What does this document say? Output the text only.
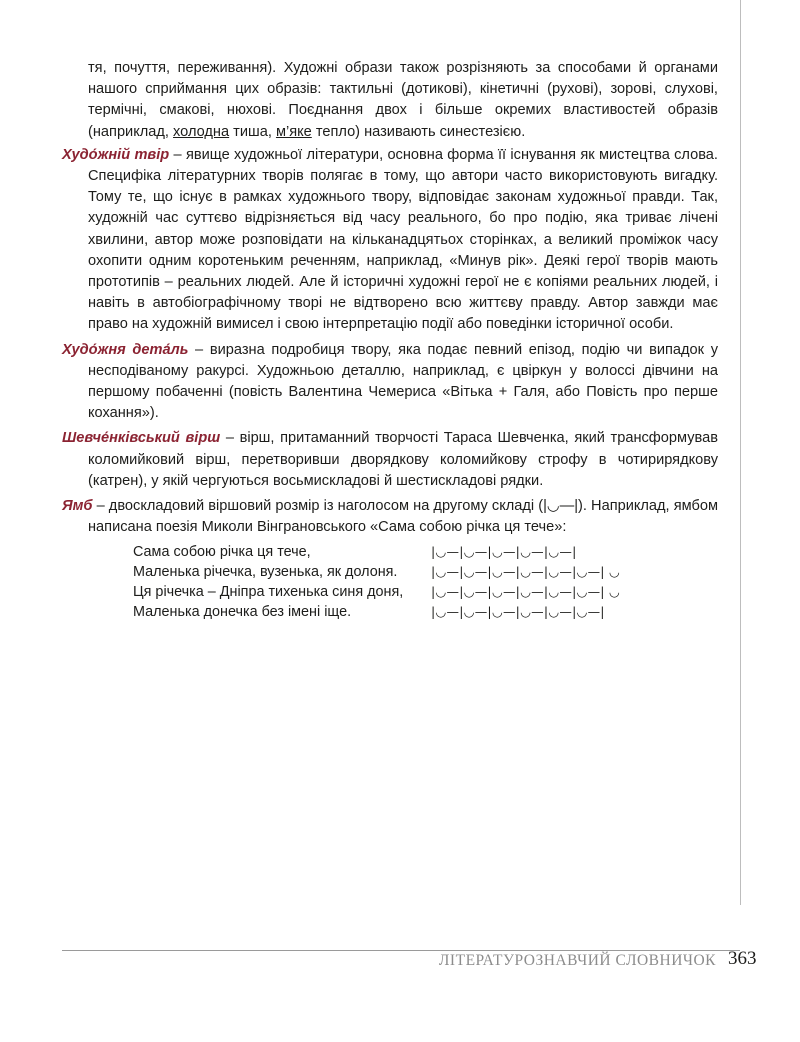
тя, почуття, переживання). Художні образи також розрізняють за способами й органами нашого сприймання цих образів: тактильні (дотикові), кінетичні (рухові), зорові, слухові, термічні, смакові, нюхові. Поєднання двох і більше окремих властивостей образів (наприклад, холодна тиша, м’яке тепло) називають синестезією.

Худо́жній твір – явище художньої літератури, основна форма її існування як мистецтва слова. Специфіка літературних творів полягає в тому, що автори часто використовують вигадку. Тому те, що існує в рамках художнього твору, відповідає законам художньої правди. Так, художній час суттєво відрізняється від часу реального, бо про подію, яка триває лічені хвилини, автор може розповідати на кільканадцятьох сторінках, а великий проміжок часу охопити одним коротеньким реченням, наприклад, «Минув рік». Деякі герої творів мають прототипів – реальних людей. Але й історичні художні герої не є копіями реальних людей, і навіть в автобіографічному творі не відтворено всю життєву правду. Автор завжди має право на художній вимисел і свою інтерпретацію події або поведінки історичної особи.

Худо́жня дета́ль – виразна подробиця твору, яка подає певний епізод, подію чи випадок у несподіваному ракурсі. Художньою деталлю, наприклад, є цвіркун у волоссі дівчини на першому побаченні (повість Валентина Чемериса «Вітька + Галя, або Повість про перше кохання»).

Шевче́нківський вірш – вірш, притаманний творчості Тараса Шевченка, який трансформував коломийковий вірш, перетворивши дворядкову коломийкову строфу в чотирирядкову (катрен), у якій чергуються восьмискладові й шестискладові рядки.

Ямб – двоскладовий віршовий розмір із наголосом на другому складі (|◡—|). Наприклад, ямбом написана поезія Миколи Вінграновського «Сама собою річка ця тече»:

Сама собою річка ця тече,	|◡—|◡—|◡—|◡—|◡—|
Маленька річечка, вузенька, як долоня.	|◡—|◡—|◡—|◡—|◡—|◡—| ◡
Ця річечка – Дніпра тихенька синя доня,	|◡—|◡—|◡—|◡—|◡—|◡—| ◡
Маленька донечка без імені іще.	|◡—|◡—|◡—|◡—|◡—|◡—|
ЛІТЕРАТУРОЗНАВЧИЙ СЛОВНИЧОК 363
